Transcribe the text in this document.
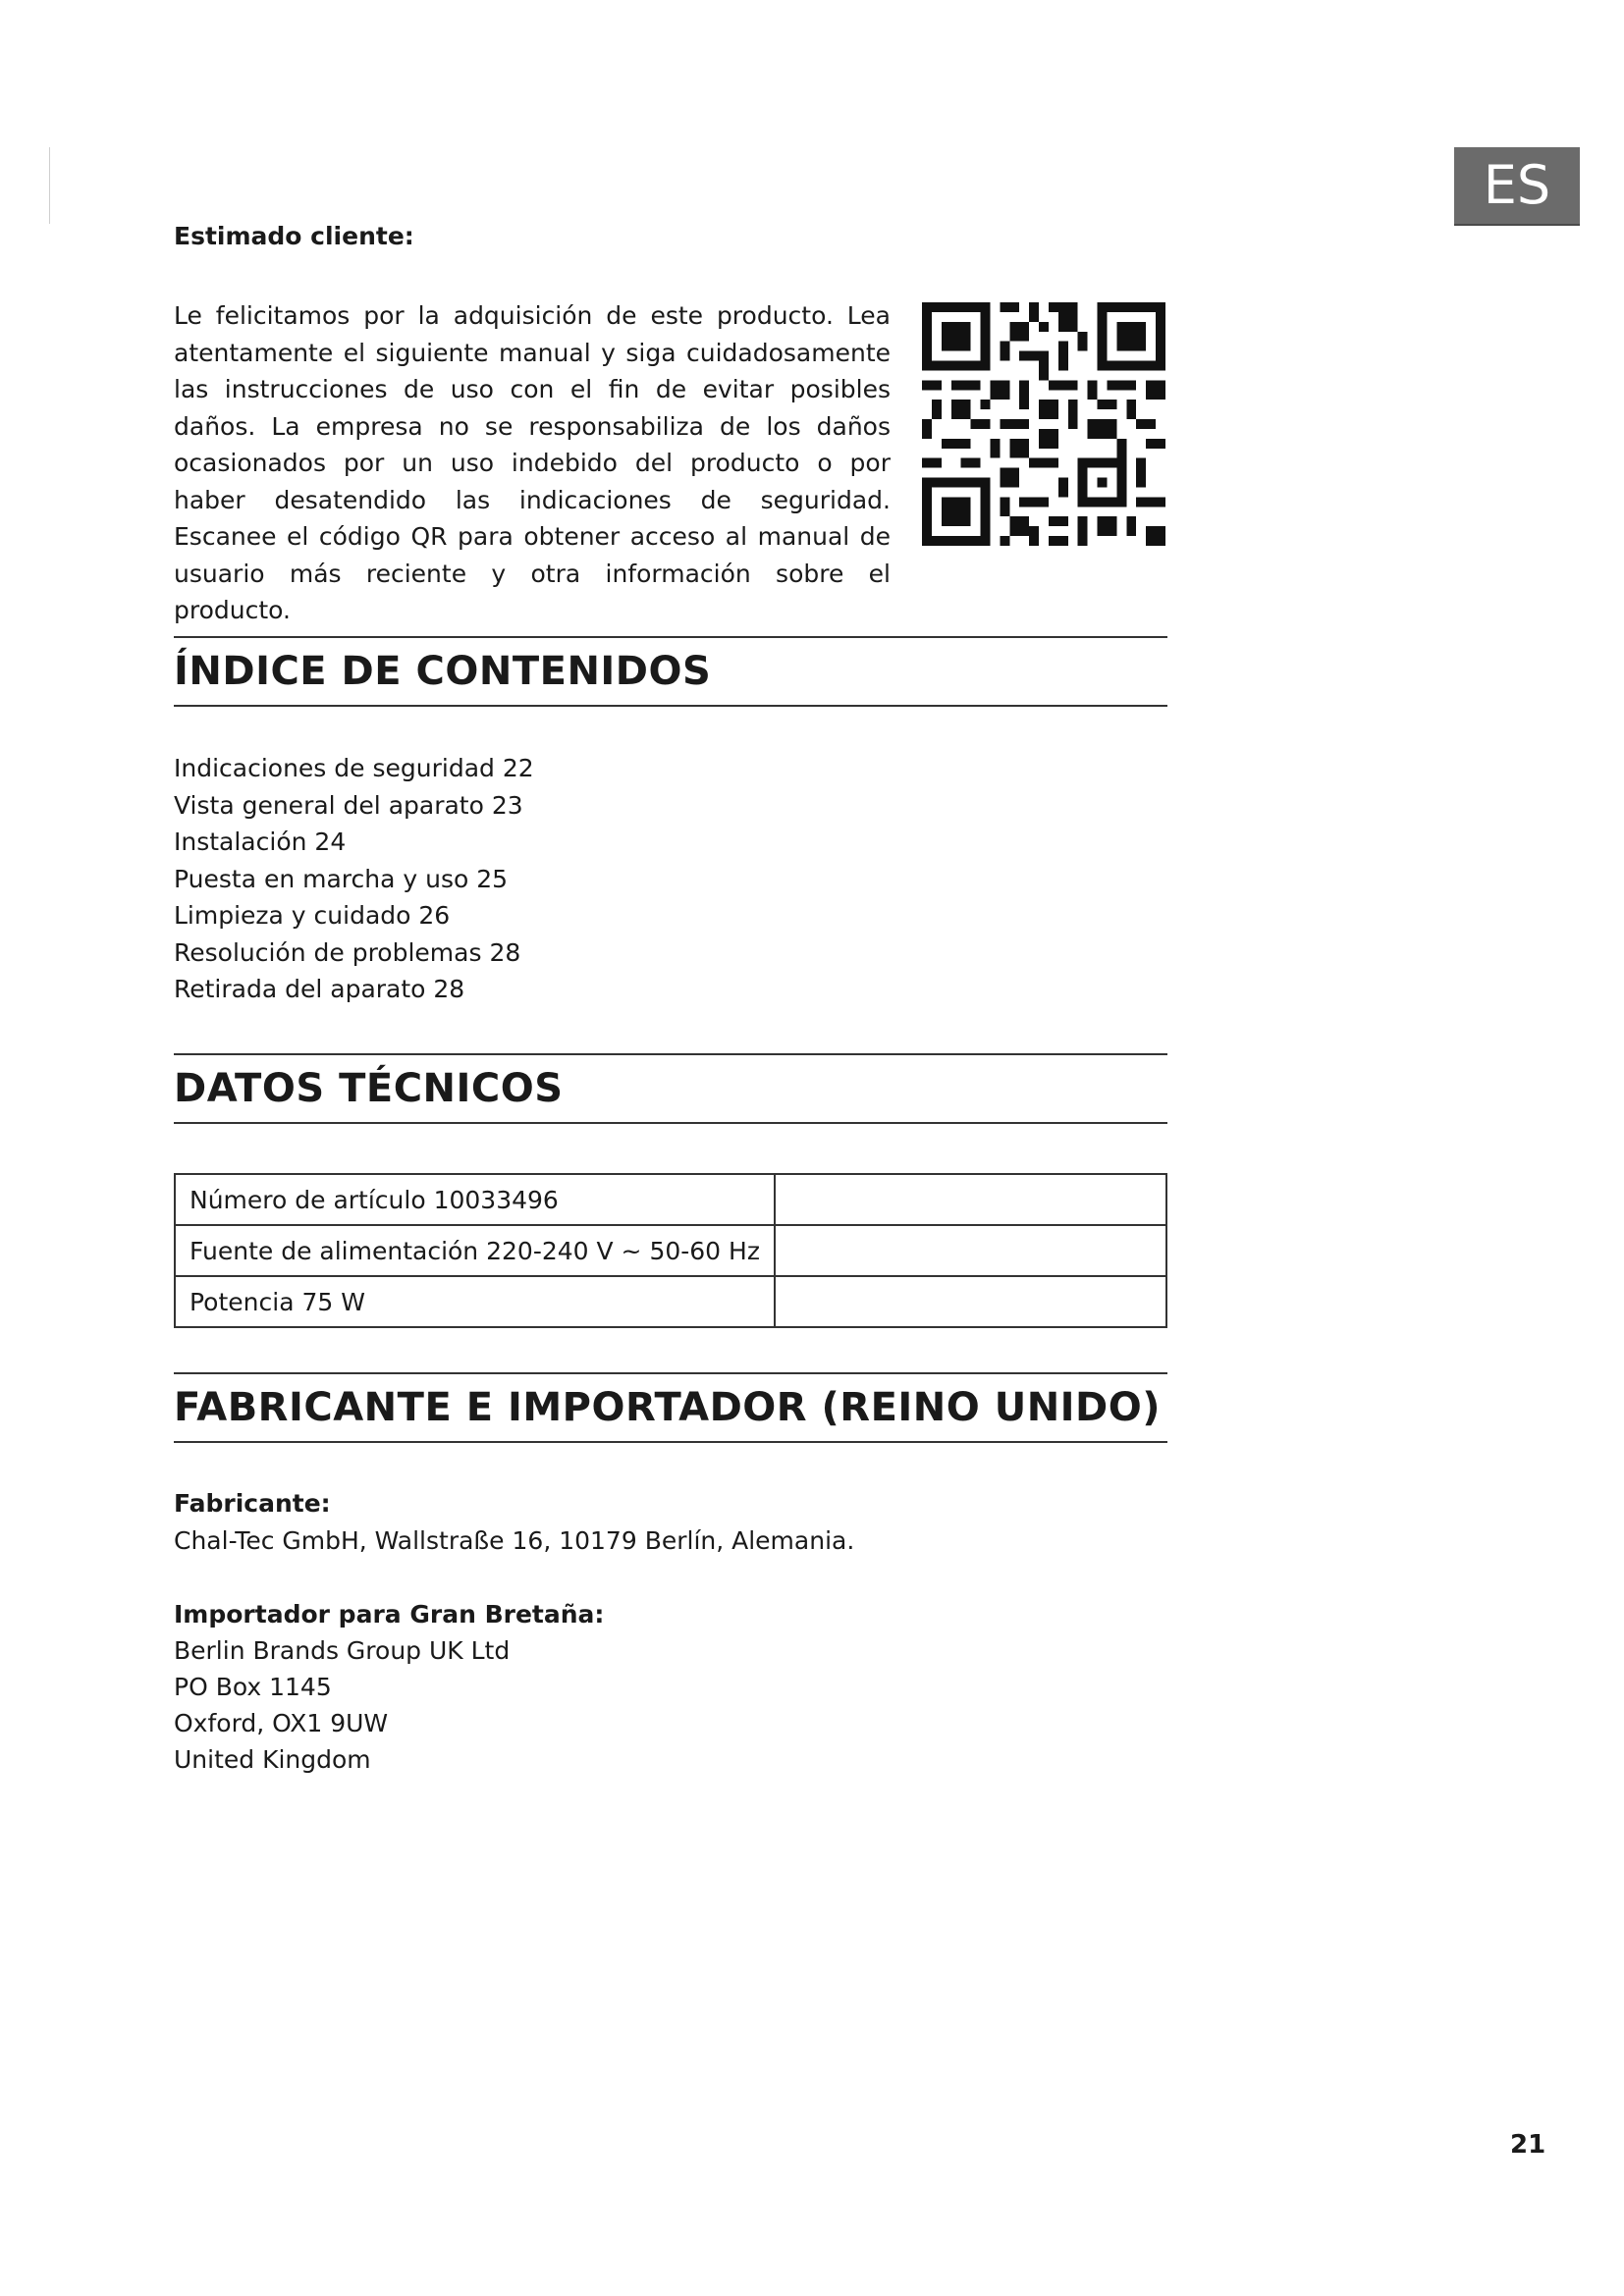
ES
Estimado cliente:

Le felicitamos por la adquisición de este producto. Lea atentamente el siguiente manual y siga cuidadosamente las instrucciones de uso con el fin de evitar posibles daños. La empresa no se responsabiliza de los daños ocasionados por un uso indebido del producto o por haber desatendido las indicaciones de seguridad. Escanee el código QR para obtener acceso al manual de usuario más reciente y otra información sobre el producto.

ÍNDICE DE CONTENIDOS
Indicaciones de seguridad 22
Vista general del aparato 23
Instalación 24
Puesta en marcha y uso 25
Limpieza y cuidado 26
Resolución de problemas 28
Retirada del aparato 28
DATOS TÉCNICOS
Número de artículo 10033496	
Fuente de alimentación 220-240 V ~ 50-60 Hz	
Potencia 75 W	
FABRICANTE E IMPORTADOR (REINO UNIDO)
Fabricante:
Chal-Tec GmbH, Wallstraße 16, 10179 Berlín, Alemania.
Importador para Gran Bretaña:
Berlin Brands Group UK Ltd
PO Box 1145
Oxford, OX1 9UW
United Kingdom
21
